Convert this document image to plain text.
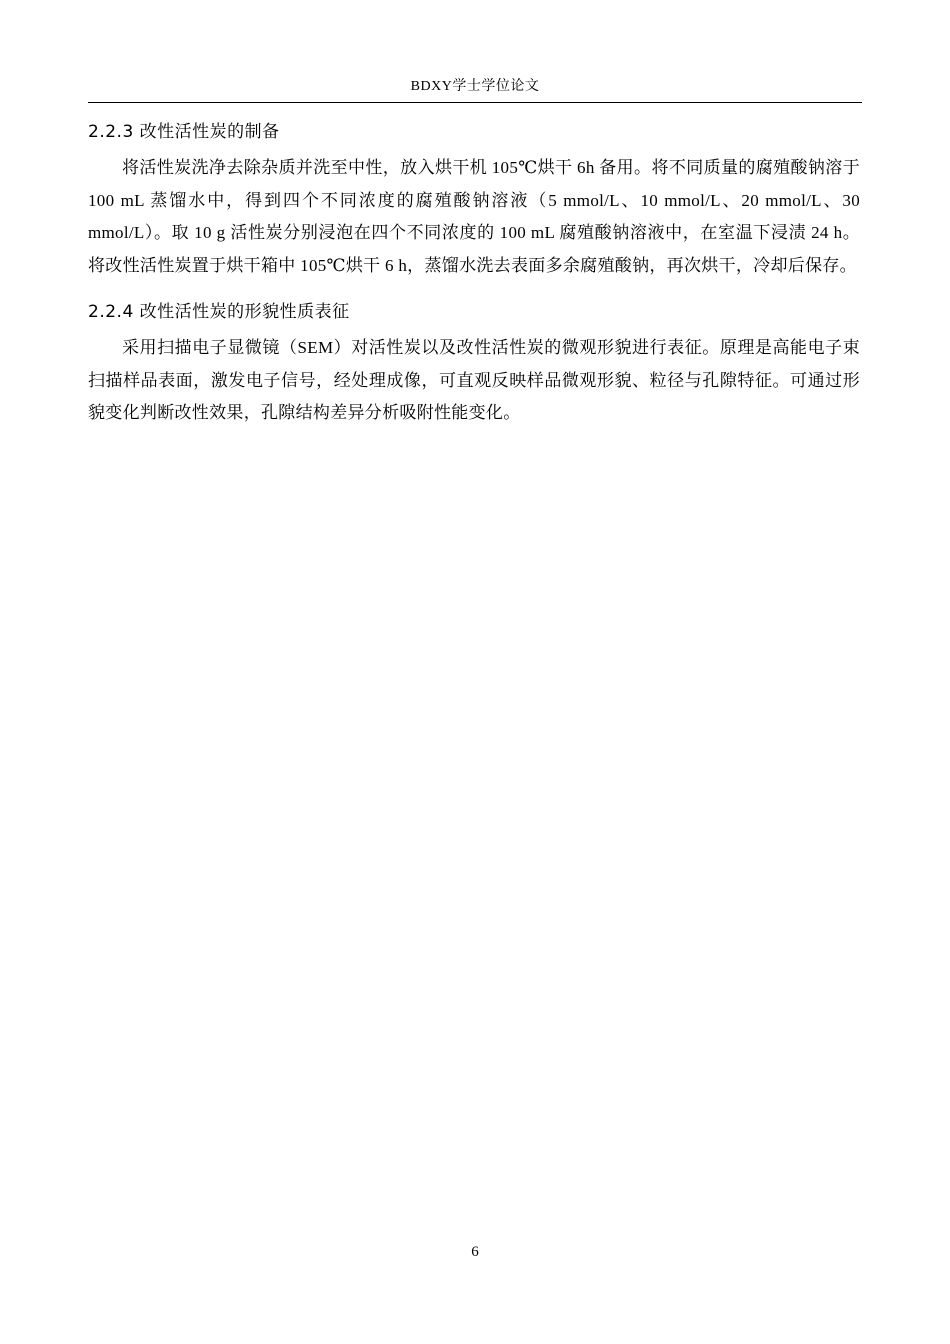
BDXY学士学位论文
2.2.3 改性活性炭的制备

将活性炭洗净去除杂质并洗至中性，放入烘干机 105℃烘干 6h 备用。将不同质量的腐殖酸钠溶于 100 mL 蒸馏水中，得到四个不同浓度的腐殖酸钠溶液（5 mmol/L、10 mmol/L、20 mmol/L、30 mmol/L）。取 10 g 活性炭分别浸泡在四个不同浓度的 100 mL 腐殖酸钠溶液中，在室温下浸渍 24 h。将改性活性炭置于烘干箱中 105℃烘干 6 h，蒸馏水洗去表面多余腐殖酸钠，再次烘干，冷却后保存。

2.2.4 改性活性炭的形貌性质表征

采用扫描电子显微镜（SEM）对活性炭以及改性活性炭的微观形貌进行表征。原理是高能电子束扫描样品表面，激发电子信号，经处理成像，可直观反映样品微观形貌、粒径与孔隙特征。可通过形貌变化判断改性效果，孔隙结构差异分析吸附性能变化。

6
